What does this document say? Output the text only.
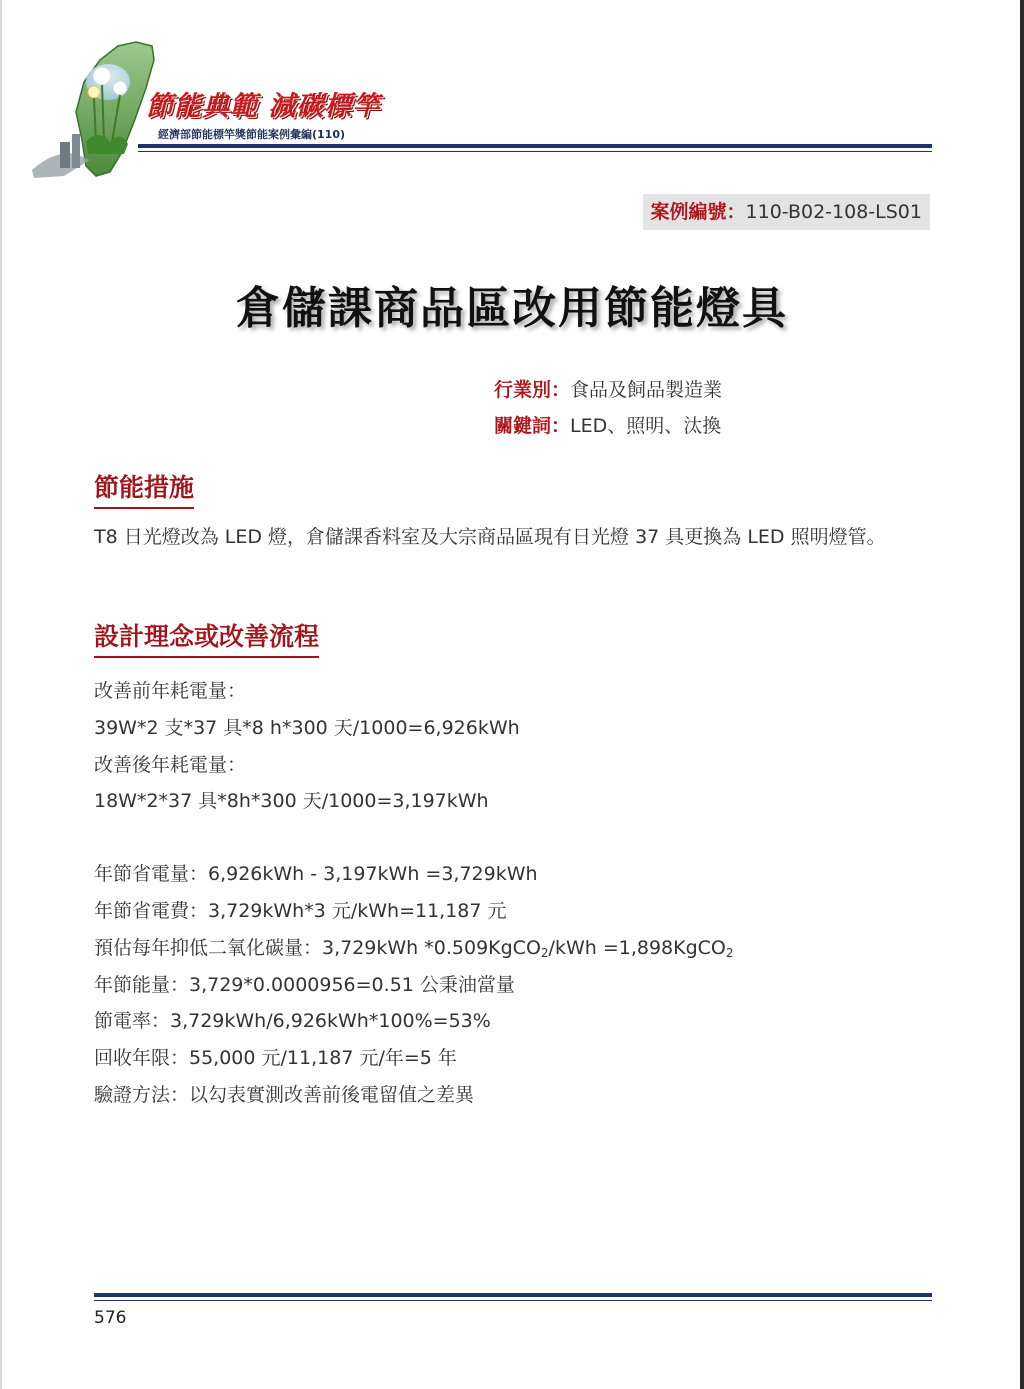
節能典範 減碳標竿

經濟部節能標竿獎節能案例彙編(110)

案例編號： 110-B02-108-LS01
倉儲課商品區改用節能燈具
行業別：食品及飼品製造業
關鍵詞：LED、照明、汰換
節能措施

T8 日光燈改為 LED 燈，倉儲課香料室及大宗商品區現有日光燈 37 具更換為 LED 照明燈管。

設計理念或改善流程
改善前年耗電量：
39W*2 支*37 具*8 h*300 天/1000=6,926kWh
改善後年耗電量：
18W*2*37 具*8h*300 天/1000=3,197kWh
年節省電量：6,926kWh - 3,197kWh =3,729kWh
年節省電費：3,729kWh*3 元/kWh=11,187 元
預估每年抑低二氧化碳量：3,729kWh *0.509KgCO$_2$/kWh =1,898KgCO$_2$
年節能量：3,729*0.0000956=0.51 公秉油當量
節電率：3,729kWh/6,926kWh*100%=53%
回收年限：55,000 元/11,187 元/年=5 年
驗證方法：以勾表實測改善前後電留值之差異

576
